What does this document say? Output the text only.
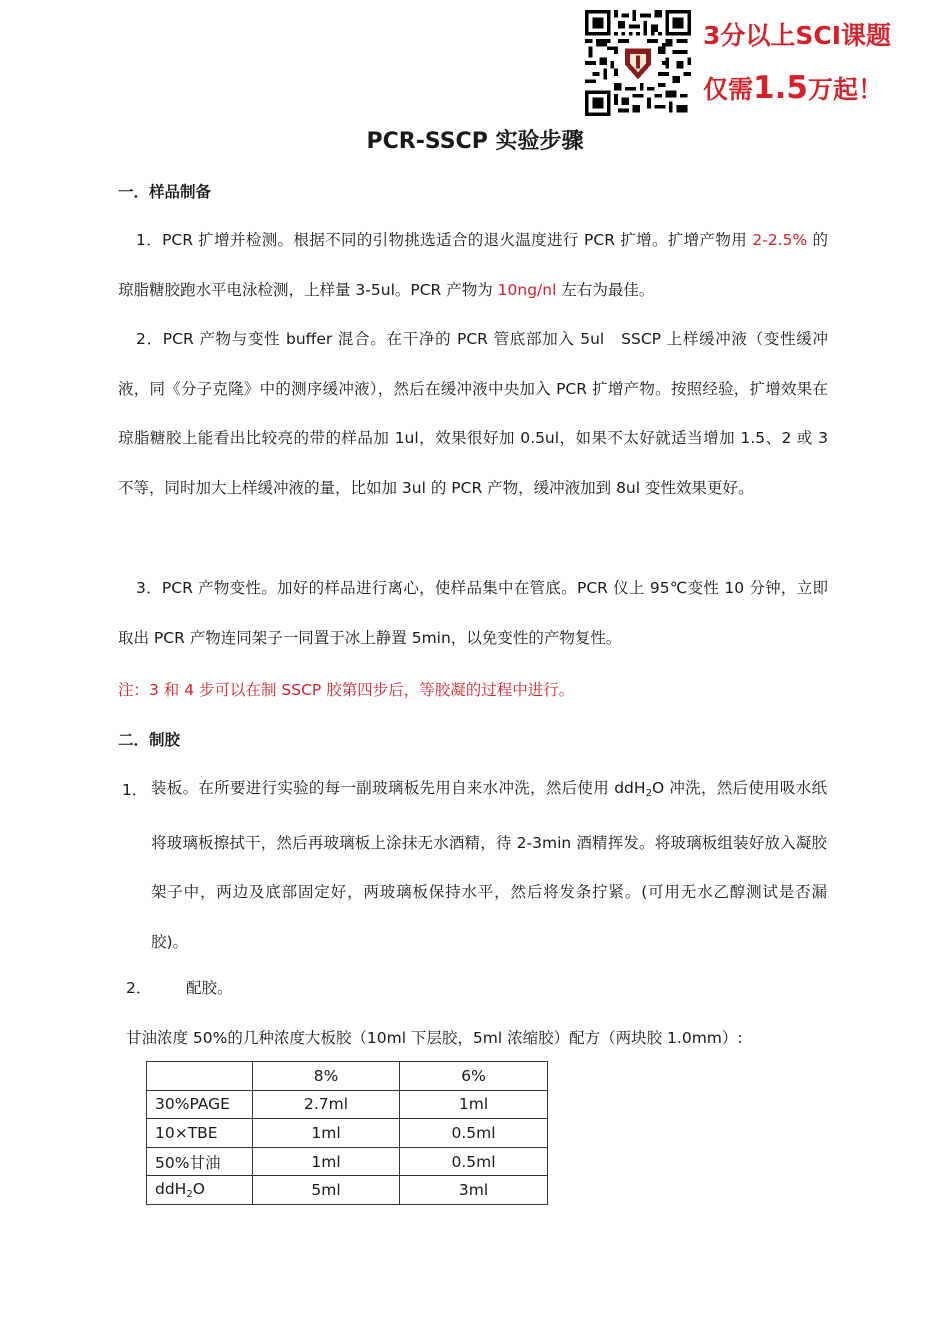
3分以上SCI课题
仅需1.5万起！
PCR-SSCP 实验步骤
一．样品制备
1．PCR 扩增并检测。根据不同的引物挑选适合的退火温度进行 PCR 扩增。扩增产物用 2-2.5% 的琼脂糖胶跑水平电泳检测，上样量 3-5ul。PCR 产物为 10ng/nl 左右为最佳。
2．PCR 产物与变性 buffer 混合。在干净的 PCR 管底部加入 5ul　SSCP 上样缓冲液（变性缓冲液，同《分子克隆》中的测序缓冲液），然后在缓冲液中央加入 PCR 扩增产物。按照经验，扩增效果在琼脂糖胶上能看出比较亮的带的样品加 1ul，效果很好加 0.5ul，如果不太好就适当增加 1.5、2 或 3 不等，同时加大上样缓冲液的量，比如加 3ul 的 PCR 产物，缓冲液加到 8ul 变性效果更好。
3．PCR 产物变性。加好的样品进行离心，使样品集中在管底。PCR 仪上 95℃变性 10 分钟，立即取出 PCR 产物连同架子一同置于冰上静置 5min，以免变性的产物复性。
注：3 和 4 步可以在制 SSCP 胶第四步后，等胶凝的过程中进行。
二．制胶
1． 装板。在所要进行实验的每一副玻璃板先用自来水冲洗，然后使用 ddH$_2$O 冲洗，然后使用吸水纸将玻璃板擦拭干，然后再玻璃板上涂抹无水酒精，待 2-3min 酒精挥发。将玻璃板组装好放入凝胶架子中，两边及底部固定好，两玻璃板保持水平，然后将发条拧紧。(可用无水乙醇测试是否漏胶)。
2． 配胶。
甘油浓度 50%的几种浓度大板胶（10ml 下层胶，5ml 浓缩胶）配方（两块胶 1.0mm）:
	8%	6%
30%PAGE	2.7ml	1ml
10×TBE	1ml	0.5ml
50%甘油	1ml	0.5ml
ddH$_2$O	5ml	3ml
